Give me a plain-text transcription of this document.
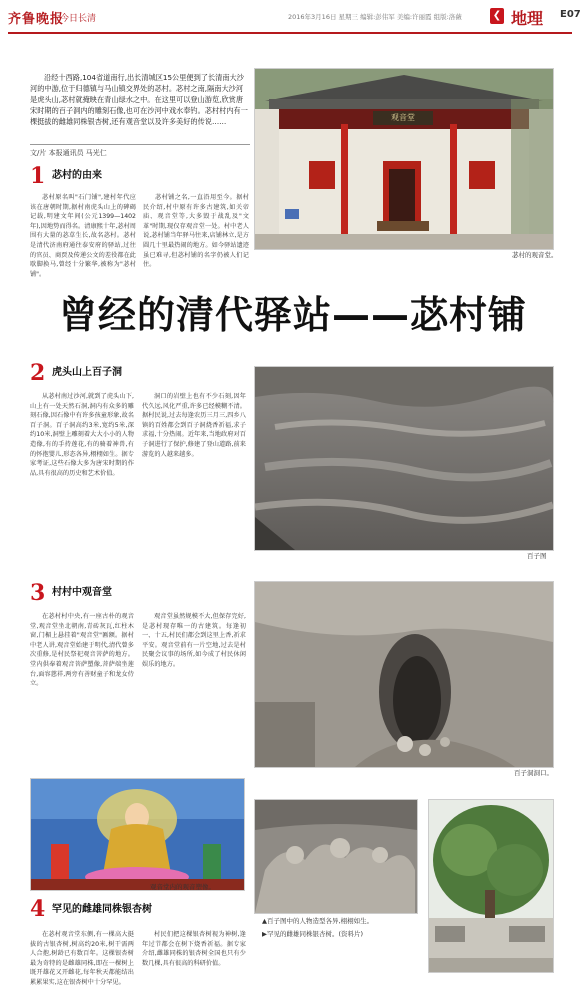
齐鲁晚报
今日长清	2016年3月16日 星期三 编辑:彭伟军 美编:许丽霞 组版:洛薇	❮ 地理 E07
沿经十西路,104省道南行,出长清城区15公里便到了长清南大沙河的中游,位于归德镇与马山镇交界处的苾村。苾村之南,隔南大沙河是虎头山,苾村就掩映在青山绿水之中。在这里可以登山游览,欣赏唐宋时期的百子洞内的雕刻石像,也可在沙河中戏水奉钓。苾村村内有一棵挺拔的雌雄同株银杏树,还有观音堂以及许多美好的传说……
文/片 本报通讯员 马光仁
1 苾村的由来
苾村原名叫"石门铺",建村年代应该在唐朝时期,据村南虎头山上的碑碣记载,明建文年间(公元1399—1402年),因地势而得名。清康熙十年,苾村周围有大量的苾草生长,故名苾村。苾村是清代济南府通往泰安府的驿站,过往的官员、商贾及传递公文的差役都在此歇脚换马,曾经十分繁华,被称为"苾村铺"。
苾村铺之名,一直沿用至今。据村民介绍,村中原有许多古建筑,如关帝庙、观音堂等,大多毁于战乱及"文革"时期,现仅存观音堂一处。村中老人说,苾村铺当年驿马往来,店铺林立,是方圆几十里最热闹的地方。如今驿站遗迹虽已难寻,但苾村铺的名字仍被人们记住。
观音堂
苾村的观音堂。
曾经的清代驿站——苾村铺
2 虎头山上百子洞
从苾村南过沙河,就到了虎头山下,山上有一处天然石洞,洞内有众多的雕刻石像,因石像中有许多孩童形象,故名百子洞。百子洞高约3米,宽约5米,深约10米,洞壁上雕刻着大大小小的人物造像,有的手持莲花,有的骑着神兽,有的怀抱婴儿,形态各异,栩栩如生。据专家考证,这些石像大多为唐宋时期的作品,具有很高的历史和艺术价值。
洞口的岩壁上也有不少石刻,因年代久远,风化严重,许多已经模糊不清。据村民说,过去每逢农历三月三,四乡八镇的百姓都会到百子洞烧香祈福,求子求福,十分热闹。近年来,当地政府对百子洞进行了保护,修建了登山道路,前来游览的人越来越多。
百子图
3 村村中观音堂
在苾村村中央,有一座古朴的观音堂,观音堂坐北朝南,青砖灰瓦,红柱木窗,门楣上悬挂着"观音堂"匾额。据村中老人讲,观音堂始建于明代,清代曾多次重修,是村民祭祀观音菩萨的地方。堂内供奉着观音菩萨塑像,菩萨端坐莲台,面容慈祥,两旁有善财童子和龙女侍立。
观音堂虽然规模不大,但保存完好,是苾村现存唯一的古建筑。每逢初一、十五,村民们都会到这里上香,祈求平安。观音堂前有一片空地,过去是村民聚会议事的场所,如今成了村民休闲娱乐的地方。
百子洞洞口。
观音堂内的观音塑像。
4 罕见的雌雄同株银杏树
在苾村观音堂东侧,有一棵高大挺拔的古银杏树,树高约20米,树干需两人合抱,树龄已有数百年。这棵银杏树最为奇特的是雌雄同株,即在一棵树上既开雄花又开雌花,每年秋天都能结出累累果实,这在银杏树中十分罕见。
村民们把这棵银杏树视为神树,逢年过节都会在树下烧香祈福。据专家介绍,雌雄同株的银杏树全国也只有少数几棵,具有很高的科研价值。
▲百子图中的人物造型各异,栩栩如生。
▶罕见的雌雄同株银杏树。(资料片)
